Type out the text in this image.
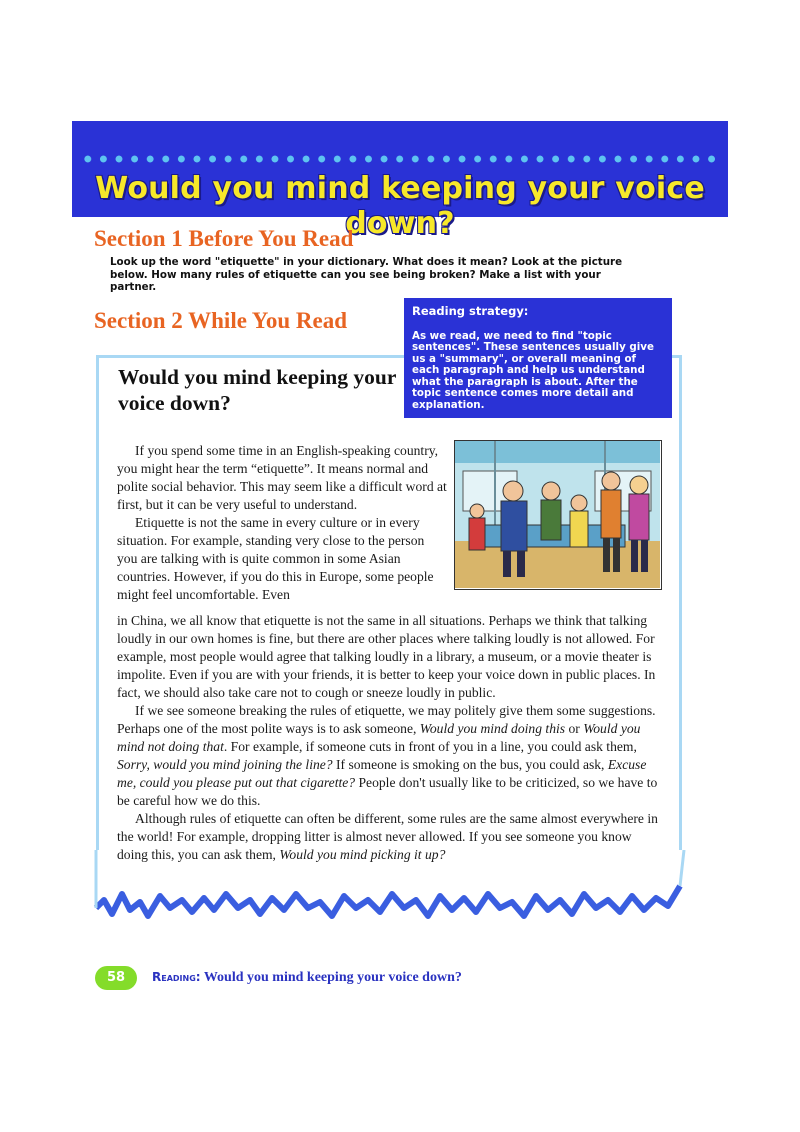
Would you mind keeping your voice down?
Section 1 Before You Read
Look up the word "etiquette" in your dictionary. What does it mean? Look at the picture below. How many rules of etiquette can you see being broken? Make a list with your partner.
Section 2 While You Read	Reading strategy:
As we read, we need to find "topic sentences". These sentences usually give us a "summary", or overall meaning of each paragraph and help us understand what the paragraph is about. After the topic sentence comes more detail and explanation.
Would you mind keeping your voice down?

If you spend some time in an English-speaking country, you might hear the term “etiquette”. It means normal and polite social behavior. This may seem like a difficult word at first, but it can be very useful to understand.

Etiquette is not the same in every culture or in every situation. For example, standing very close to the person you are talking with is quite common in some Asian countries. However, if you do this in Europe, some people might feel uncomfortable. Even

in China, we all know that etiquette is not the same in all situations. Perhaps we think that talking loudly in our own homes is fine, but there are other places where talking loudly is not allowed. For example, most people would agree that talking loudly in a library, a museum, or a movie theater is impolite. Even if you are with your friends, it is better to keep your voice down in public places. In fact, we should also take care not to cough or sneeze loudly in public.

If we see someone breaking the rules of etiquette, we may politely give them some suggestions. Perhaps one of the most polite ways is to ask someone, Would you mind doing this or Would you mind not doing that. For example, if someone cuts in front of you in a line, you could ask them, Sorry, would you mind joining the line? If someone is smoking on the bus, you could ask, Excuse me, could you please put out that cigarette? People don't usually like to be criticized, so we have to be careful how we do this.

Although rules of etiquette can often be different, some rules are the same almost everywhere in the world! For example, dropping litter is almost never allowed. If you see someone you know doing this, you can ask them, Would you mind picking it up?

58	Reading: Would you mind keeping your voice down?
